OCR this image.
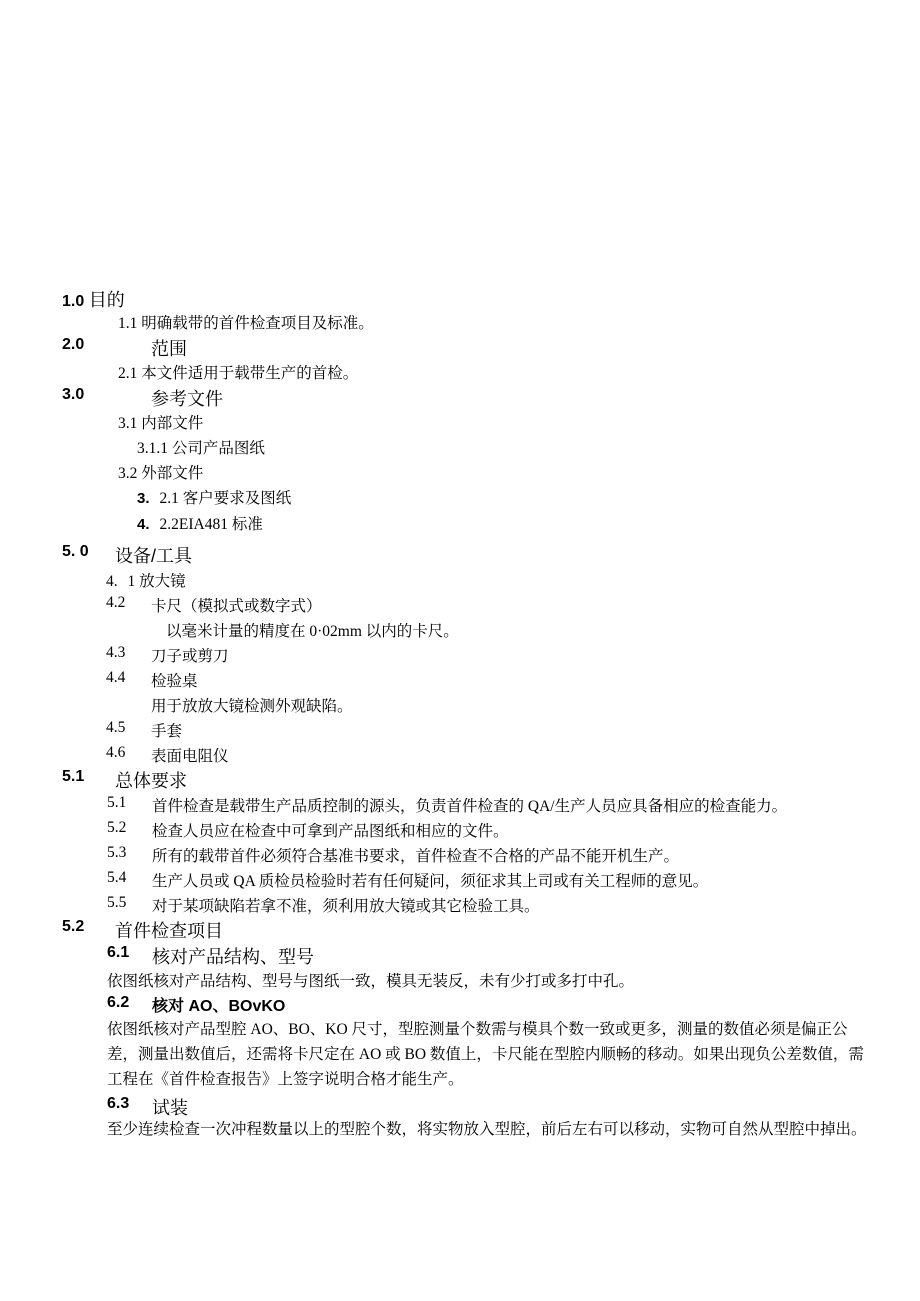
1.0 目的
1.1 明确载带的首件检查项目及标准。
2.0	范围
2.1 本文件适用于载带生产的首检。
3.0	参考文件
3.1 内部文件
3.1.1 公司产品图纸
3.2 外部文件
3. 2.1 客户要求及图纸
4. 2.2EIA481 标准
5. 0 设备/工具
4. 1 放大镜
4.2 卡尺（模拟式或数字式）
以毫米计量的精度在 0·02mm 以内的卡尺。
4.3 刀子或剪刀
4.4 检验桌
用于放放大镜检测外观缺陷。
4.5 手套
4.6 表面电阻仪
5.1 总体要求
5.1 首件检查是载带生产品质控制的源头，负责首件检查的 QA/生产人员应具备相应的检查能力。
5.2 检查人员应在检查中可拿到产品图纸和相应的文件。
5.3 所有的载带首件必须符合基准书要求，首件检查不合格的产品不能开机生产。
5.4 生产人员或 QA 质检员检验时若有任何疑问，须征求其上司或有关工程师的意见。
5.5 对于某项缺陷若拿不准，须利用放大镜或其它检验工具。
5.2 首件检查项目
6.1 核对产品结构、型号
依图纸核对产品结构、型号与图纸一致，模具无装反，未有少打或多打中孔。
6.2 核对 AO、BOvKO
依图纸核对产品型腔 AO、BO、KO 尺寸，型腔测量个数需与模具个数一致或更多，测量的数值必须是偏正公差，测量出数值后，还需将卡尺定在 AO 或 BO 数值上，卡尺能在型腔内顺畅的移动。如果出现负公差数值，需工程在《首件检查报告》上签字说明合格才能生产。
6.3 试装
至少连续检查一次冲程数量以上的型腔个数，将实物放入型腔，前后左右可以移动，实物可自然从型腔中掉出。
